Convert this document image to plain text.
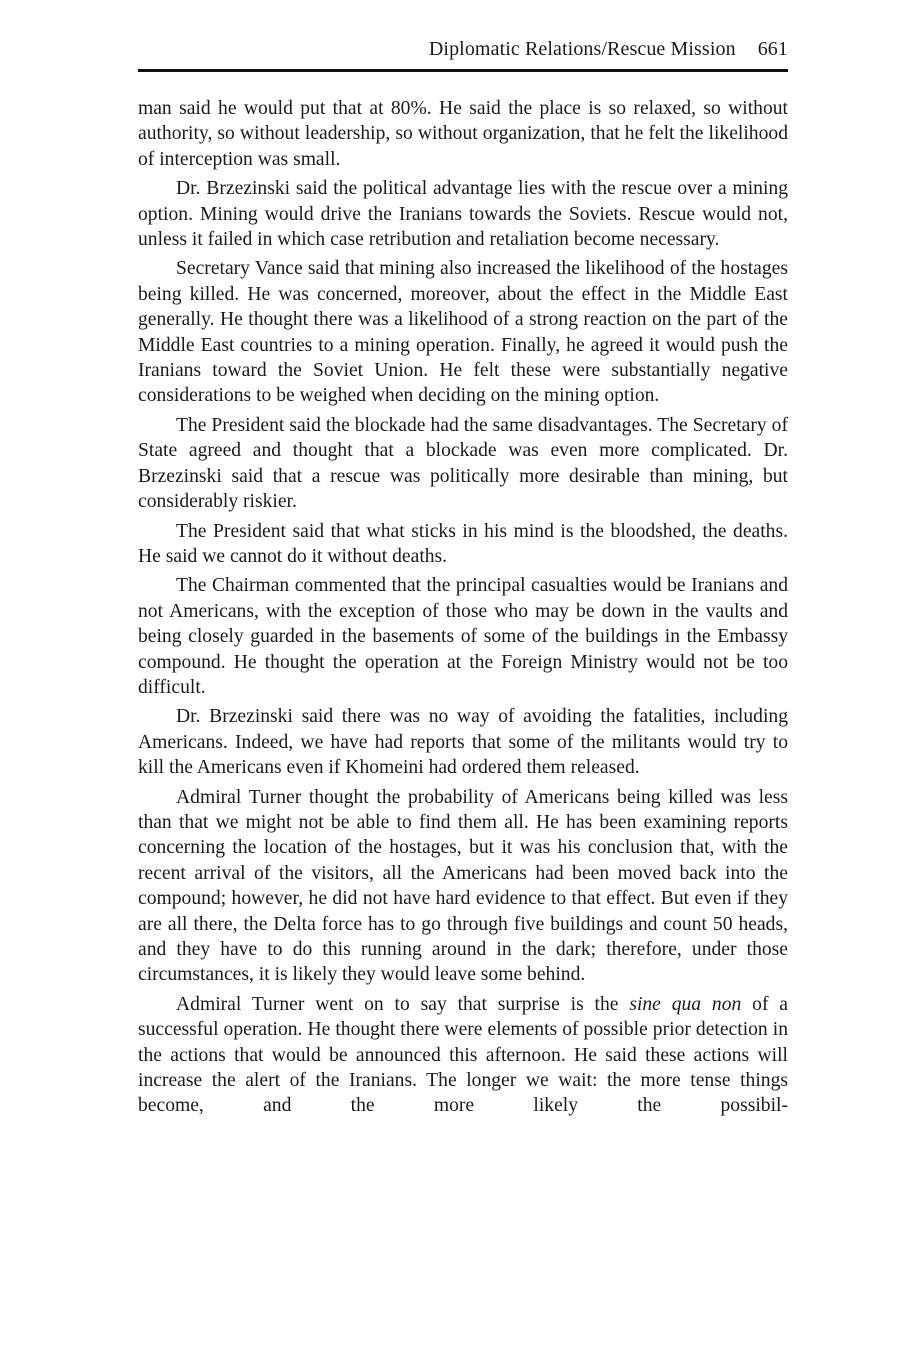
Diplomatic Relations/Rescue Mission 661

man said he would put that at 80%. He said the place is so relaxed, so without authority, so without leadership, so without organization, that he felt the likelihood of interception was small.

Dr. Brzezinski said the political advantage lies with the rescue over a mining option. Mining would drive the Iranians towards the Soviets. Rescue would not, unless it failed in which case retribution and retaliation become necessary.

Secretary Vance said that mining also increased the likelihood of the hostages being killed. He was concerned, moreover, about the effect in the Middle East generally. He thought there was a likelihood of a strong reaction on the part of the Middle East countries to a mining operation. Finally, he agreed it would push the Iranians toward the Soviet Union. He felt these were substantially negative considerations to be weighed when deciding on the mining option.

The President said the blockade had the same disadvantages. The Secretary of State agreed and thought that a blockade was even more complicated. Dr. Brzezinski said that a rescue was politically more desirable than mining, but considerably riskier.

The President said that what sticks in his mind is the bloodshed, the deaths. He said we cannot do it without deaths.

The Chairman commented that the principal casualties would be Iranians and not Americans, with the exception of those who may be down in the vaults and being closely guarded in the basements of some of the buildings in the Embassy compound. He thought the operation at the Foreign Ministry would not be too difficult.

Dr. Brzezinski said there was no way of avoiding the fatalities, including Americans. Indeed, we have had reports that some of the militants would try to kill the Americans even if Khomeini had ordered them released.

Admiral Turner thought the probability of Americans being killed was less than that we might not be able to find them all. He has been examining reports concerning the location of the hostages, but it was his conclusion that, with the recent arrival of the visitors, all the Americans had been moved back into the compound; however, he did not have hard evidence to that effect. But even if they are all there, the Delta force has to go through five buildings and count 50 heads, and they have to do this running around in the dark; therefore, under those circumstances, it is likely they would leave some behind.

Admiral Turner went on to say that surprise is the sine qua non of a successful operation. He thought there were elements of possible prior detection in the actions that would be announced this afternoon. He said these actions will increase the alert of the Iranians. The longer we wait: the more tense things become, and the more likely the possibil-
